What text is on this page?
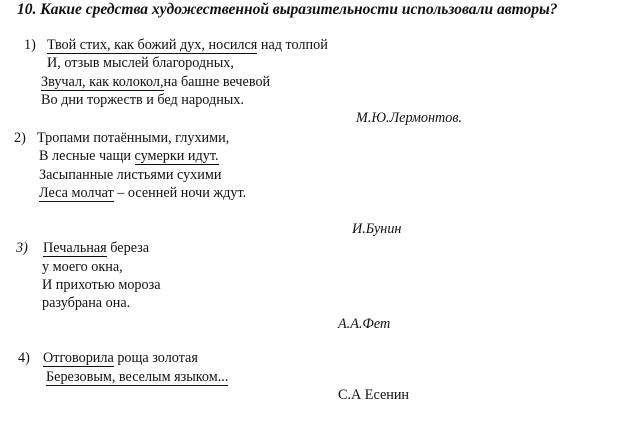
10. Какие средства художественной выразительности использовали авторы?
1) Твой стих, как божий дух, носился над толпой
И, отзыв мыслей благородных,
Звучал, как колокол,на башне вечевой
Во дни торжеств и бед народных.
М.Ю.Лермонтов.
2) Тропами потаёнными, глухими,
В лесные чащи сумерки идут.
Засыпанные листьями сухими
Леса молчат – осенней ночи ждут.
И.Бунин
3) Печальная береза
у моего окна,
И прихотью мороза
разубрана она.
А.А.Фет
4) Отговорила роща золотая
Березовым, веселым языком...
С.А Есенин
